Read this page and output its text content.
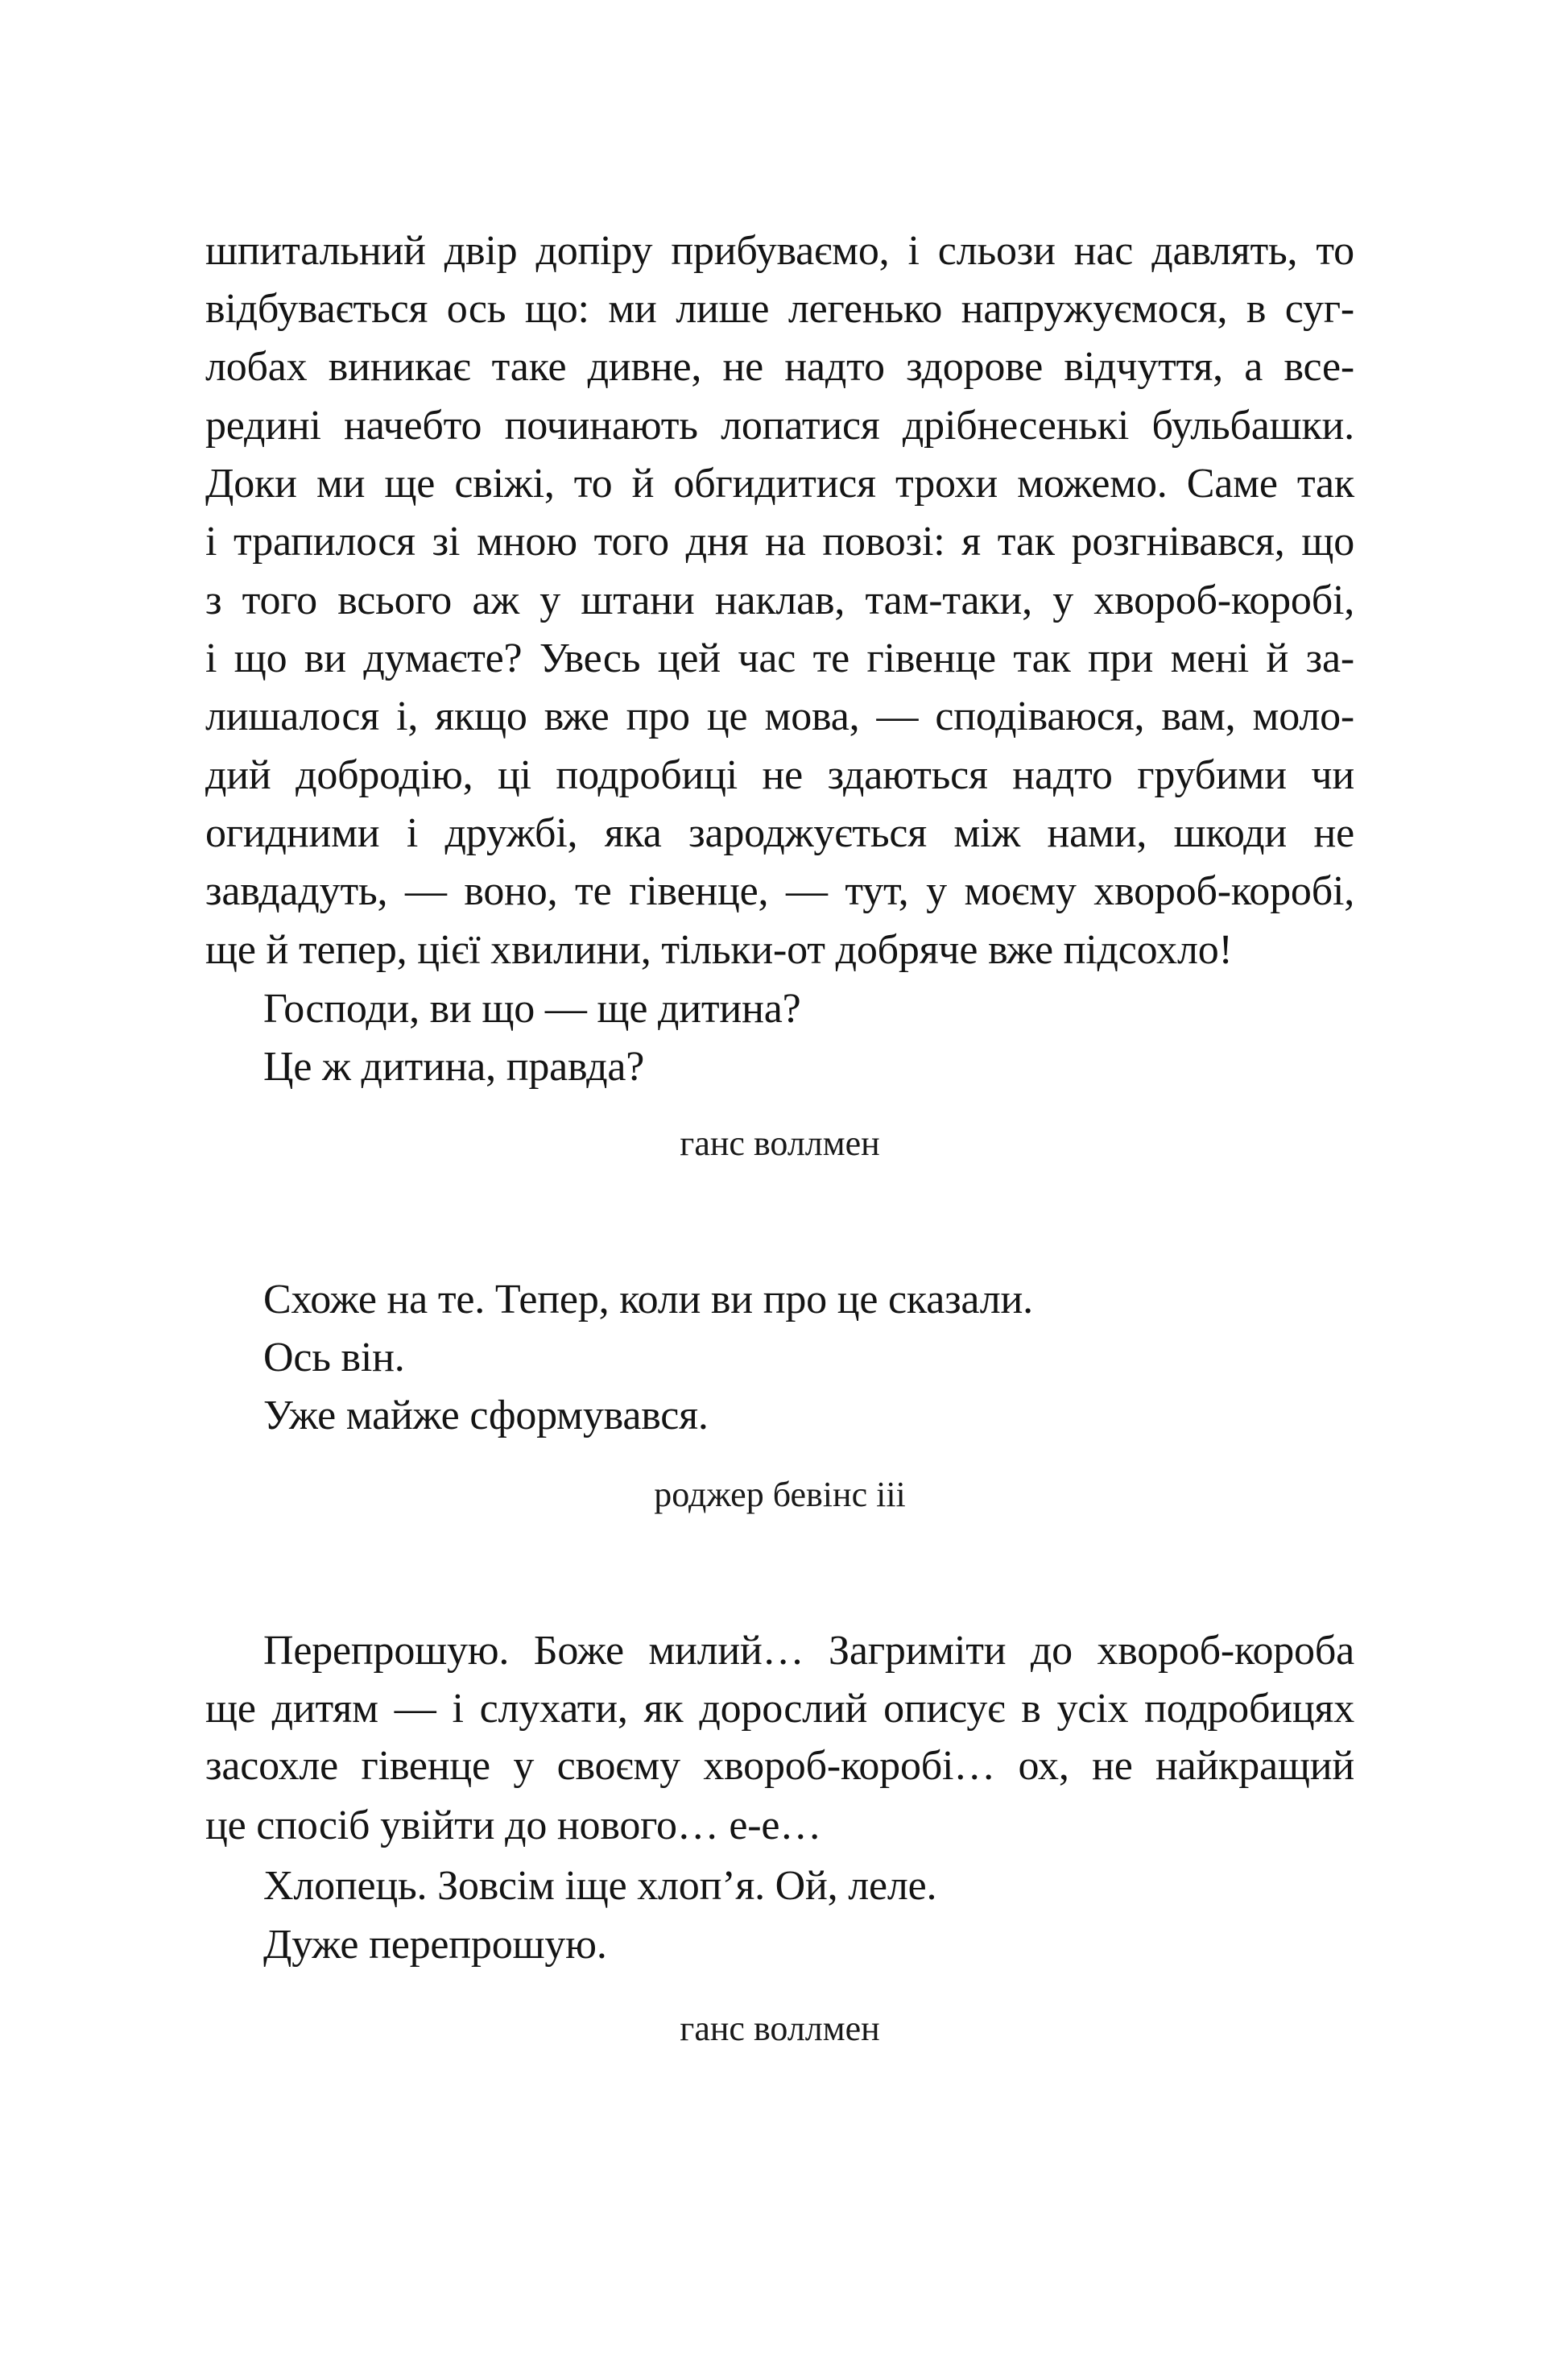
шпитальний двір допіру прибуваємо, і сльози нас давлять, то
відбувається ось що: ми лише легенько напружуємося, в суг-
лобах виникає таке дивне, не надто здорове відчуття, а все-
редині начебто починають лопатися дрібнесенькі бульбашки.
Доки ми ще свіжі, то й обгидитися трохи можемо. Саме так
і трапилося зі мною того дня на повозі: я так розгнівався, що
з того всього аж у штани наклав, там-таки, у хвороб-коробі,
і що ви думаєте? Увесь цей час те гівенце так при мені й за-
лишалося і, якщо вже про це мова, — сподіваюся, вам, моло-
дий добродію, ці подробиці не здаються надто грубими чи
огидними і дружбі, яка зароджується між нами, шкоди не
завдадуть, — воно, те гівенце, — тут, у моєму хвороб-коробі,
ще й тепер, цієї хвилини, тільки-от добряче вже підсохло!
Господи, ви що — ще дитина?
Це ж дитина, правда?
ганс воллмен
Схоже на те. Тепер, коли ви про це сказали.
Ось він.
Уже майже сформувався.
роджер бевінс ііі
Перепрошую. Боже милий… Загриміти до хвороб-короба
ще дитям — і слухати, як дорослий описує в усіх подробицях
засохле гівенце у своєму хвороб-коробі… ох, не найкращий
це спосіб увійти до нового… е-е…
Хлопець. Зовсім іще хлоп’я. Ой, леле.
Дуже перепрошую.
ганс воллмен
